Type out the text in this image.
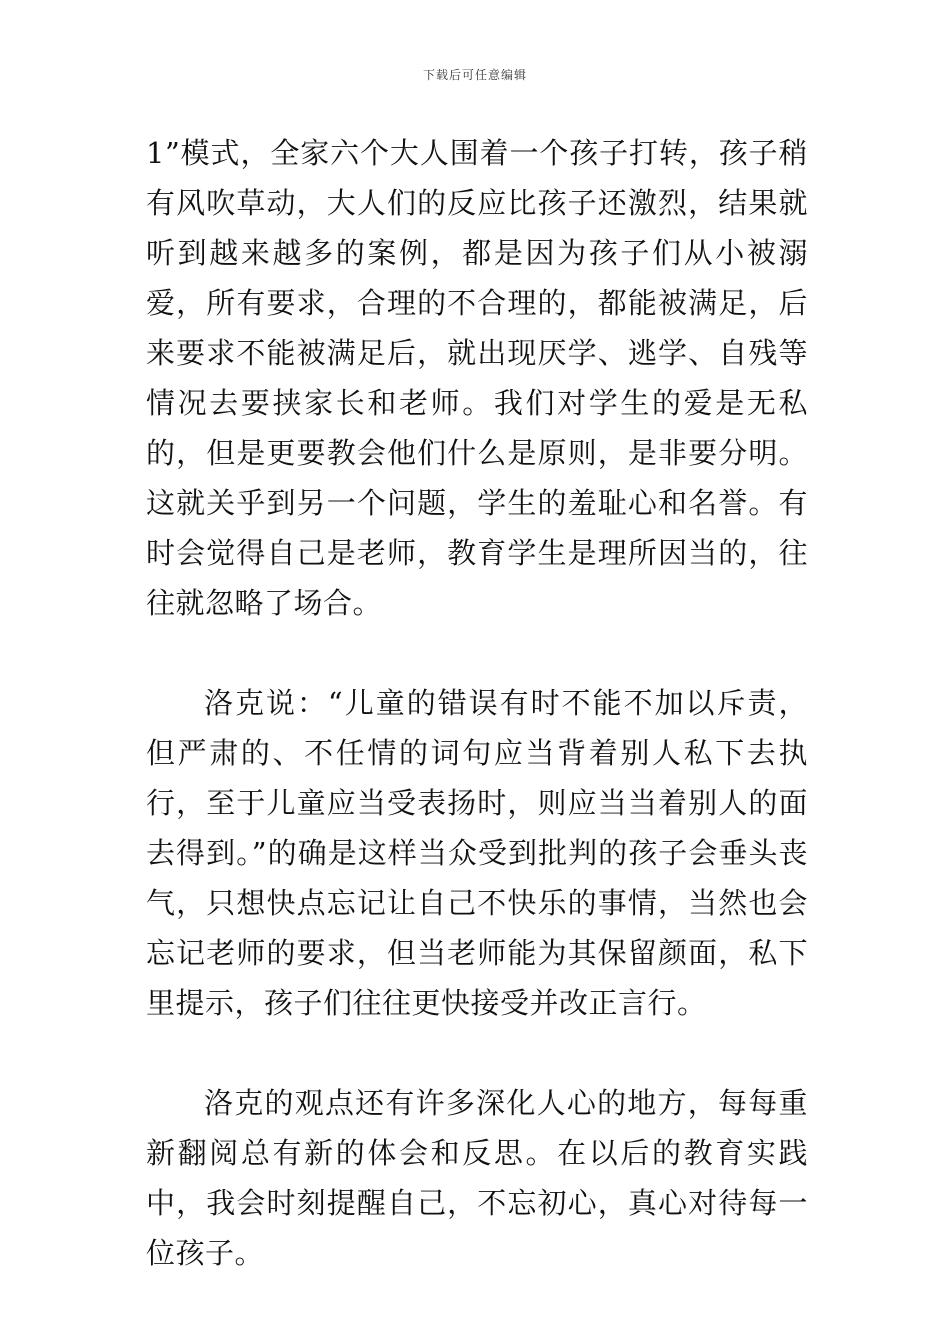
下载后可任意编辑

1”模式，全家六个大人围着一个孩子打转，孩子稍有风吹草动，大人们的反应比孩子还激烈，结果就听到越来越多的案例，都是因为孩子们从小被溺爱，所有要求，合理的不合理的，都能被满足，后来要求不能被满足后，就出现厌学、逃学、自残等情况去要挟家长和老师。我们对学生的爱是无私的，但是更要教会他们什么是原则，是非要分明。这就关乎到另一个问题，学生的羞耻心和名誉。有时会觉得自己是老师，教育学生是理所因当的，往往就忽略了场合。

洛克说：“儿童的错误有时不能不加以斥责，但严肃的、不任情的词句应当背着别人私下去执行，至于儿童应当受表扬时，则应当当着别人的面去得到。”的确是这样当众受到批判的孩子会垂头丧气，只想快点忘记让自己不快乐的事情，当然也会忘记老师的要求，但当老师能为其保留颜面，私下里提示，孩子们往往更快接受并改正言行。

洛克的观点还有许多深化人心的地方，每每重新翻阅总有新的体会和反思。在以后的教育实践中，我会时刻提醒自己，不忘初心，真心对待每一位孩子。
